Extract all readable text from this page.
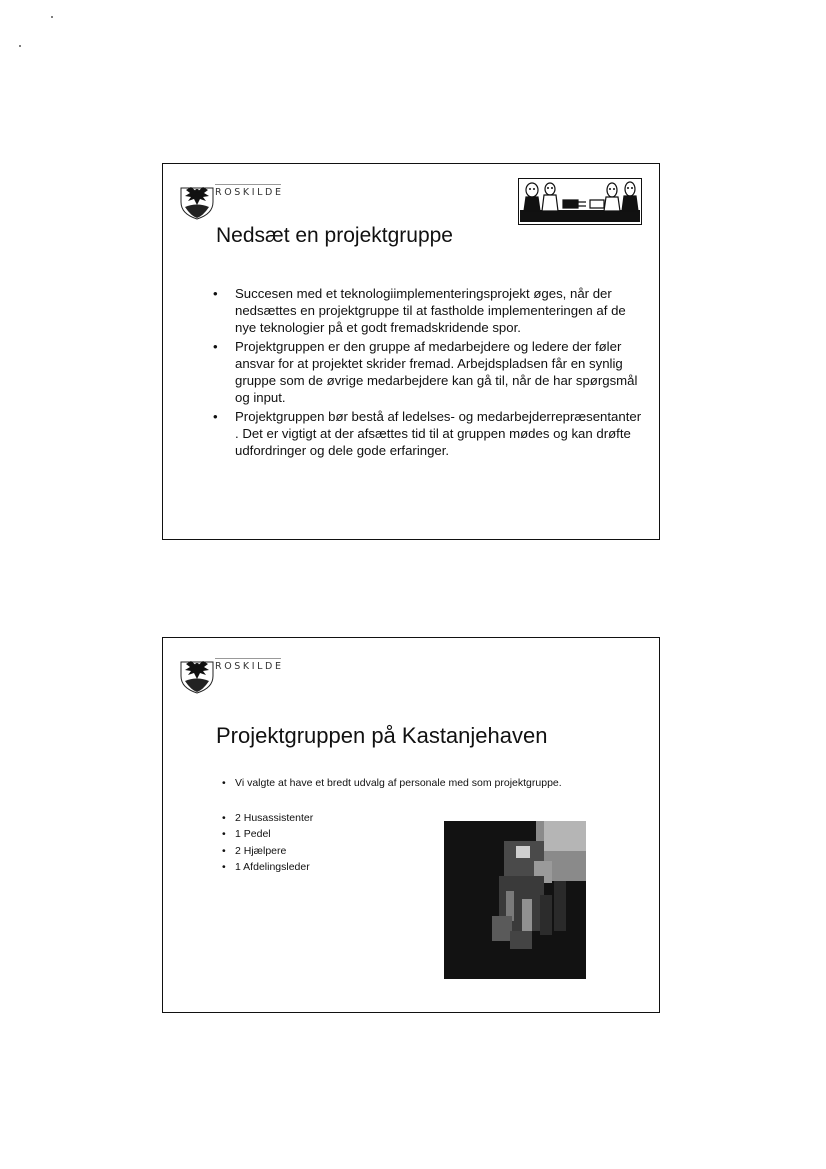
ROSKILDE
Nedsæt en projektgruppe
• Succesen med et teknologiimplementeringsprojekt øges, når der nedsættes en projektgruppe til at fastholde implementeringen af de nye teknologier på et godt fremadskridende spor.
• Projektgruppen er den gruppe af medarbejdere og ledere der føler ansvar for at projektet skrider fremad. Arbejdspladsen får en synlig gruppe som de øvrige medarbejdere kan gå til, når de har spørgsmål og input.
• Projektgruppen bør bestå af ledelses- og medarbejderrepræsentanter . Det er vigtigt at der afsættes tid til at gruppen mødes og kan drøfte udfordringer og dele gode erfaringer.
ROSKILDE
Projektgruppen på Kastanjehaven
• Vi valgte at have et bredt udvalg af personale med som projektgruppe.
• 2 Husassistenter
• 1 Pedel
• 2 Hjælpere
• 1 Afdelingsleder
